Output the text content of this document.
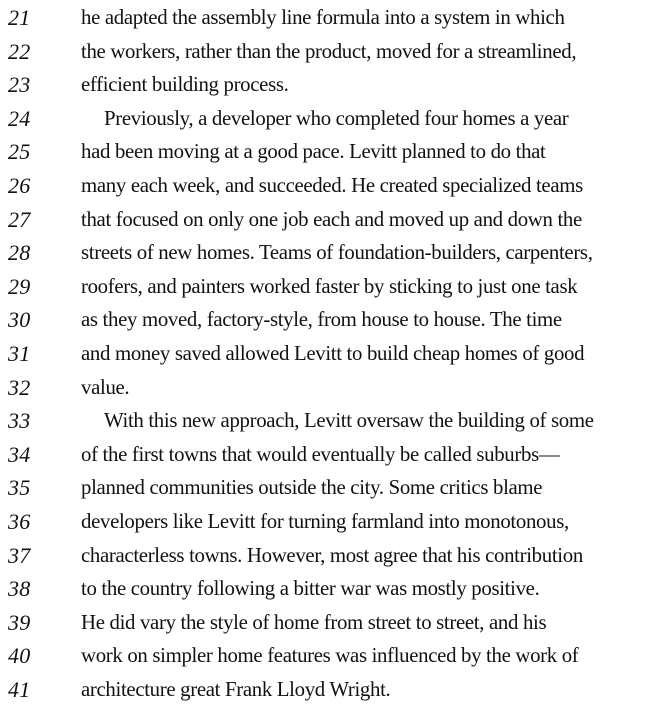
21	he adapted the assembly line formula into a system in which
22	the workers, rather than the product, moved for a streamlined,
23	efficient building process.
24	Previously, a developer who completed four homes a year
25	had been moving at a good pace. Levitt planned to do that
26	many each week, and succeeded. He created specialized teams
27	that focused on only one job each and moved up and down the
28	streets of new homes. Teams of foundation-builders, carpenters,
29	roofers, and painters worked faster by sticking to just one task
30	as they moved, factory-style, from house to house. The time
31	and money saved allowed Levitt to build cheap homes of good
32	value.
33	With this new approach, Levitt oversaw the building of some
34	of the first towns that would eventually be called suburbs—
35	planned communities outside the city. Some critics blame
36	developers like Levitt for turning farmland into monotonous,
37	characterless towns. However, most agree that his contribution
38	to the country following a bitter war was mostly positive.
39	He did vary the style of home from street to street, and his
40	work on simpler home features was influenced by the work of
41	architecture great Frank Lloyd Wright.
